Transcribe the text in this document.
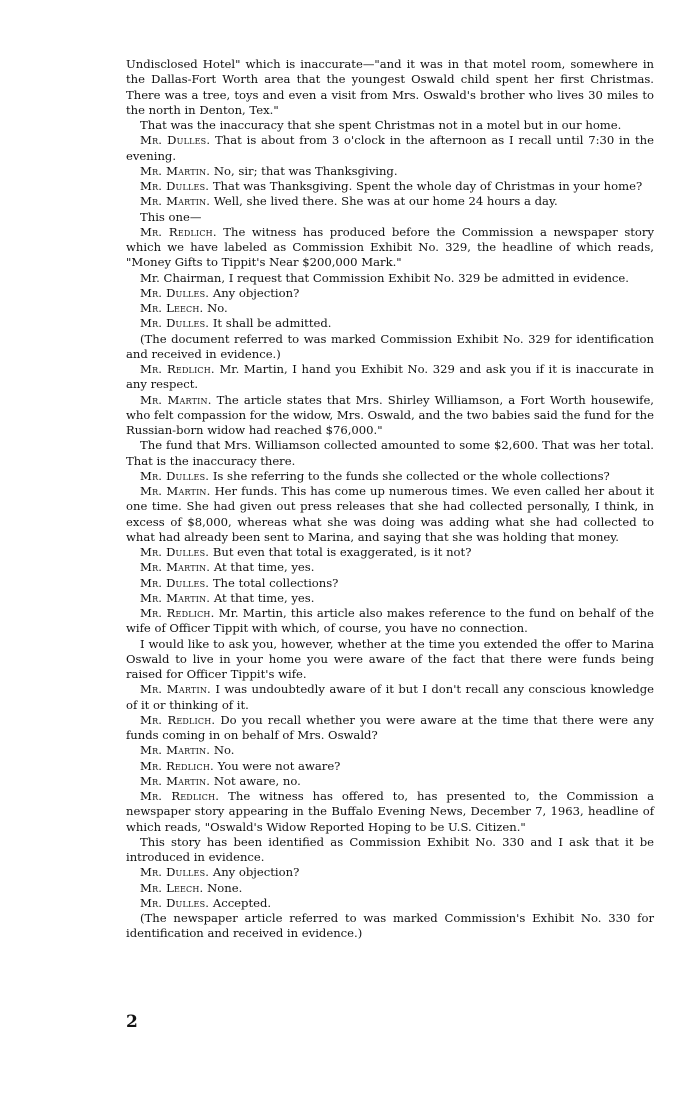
Undisclosed Hotel" which is inaccurate—"and it was in that motel room, somewhere in the Dallas-Fort Worth area that the youngest Oswald child spent her first Christmas. There was a tree, toys and even a visit from Mrs. Oswald's brother who lives 30 miles to the north in Denton, Tex."

That was the inaccuracy that she spent Christmas not in a motel but in our home.

Mr. Dulles. That is about from 3 o'clock in the afternoon as I recall until 7:30 in the evening.

Mr. Martin. No, sir; that was Thanksgiving.

Mr. Dulles. That was Thanksgiving. Spent the whole day of Christmas in your home?

Mr. Martin. Well, she lived there. She was at our home 24 hours a day.

This one—

Mr. Redlich. The witness has produced before the Commission a newspaper story which we have labeled as Commission Exhibit No. 329, the headline of which reads, "Money Gifts to Tippit's Near $200,000 Mark."

Mr. Chairman, I request that Commission Exhibit No. 329 be admitted in evidence.

Mr. Dulles. Any objection?

Mr. Leech. No.

Mr. Dulles. It shall be admitted.

(The document referred to was marked Commission Exhibit No. 329 for identification and received in evidence.)

Mr. Redlich. Mr. Martin, I hand you Exhibit No. 329 and ask you if it is inaccurate in any respect.

Mr. Martin. The article states that Mrs. Shirley Williamson, a Fort Worth housewife, who felt compassion for the widow, Mrs. Oswald, and the two babies said the fund for the Russian-born widow had reached $76,000."

The fund that Mrs. Williamson collected amounted to some $2,600. That was her total. That is the inaccuracy there.

Mr. Dulles. Is she referring to the funds she collected or the whole collections?

Mr. Martin. Her funds. This has come up numerous times. We even called her about it one time. She had given out press releases that she had collected personally, I think, in excess of $8,000, whereas what she was doing was adding what she had collected to what had already been sent to Marina, and saying that she was holding that money.

Mr. Dulles. But even that total is exaggerated, is it not?

Mr. Martin. At that time, yes.

Mr. Dulles. The total collections?

Mr. Martin. At that time, yes.

Mr. Redlich. Mr. Martin, this article also makes reference to the fund on behalf of the wife of Officer Tippit with which, of course, you have no connection.

I would like to ask you, however, whether at the time you extended the offer to Marina Oswald to live in your home you were aware of the fact that there were funds being raised for Officer Tippit's wife.

Mr. Martin. I was undoubtedly aware of it but I don't recall any conscious knowledge of it or thinking of it.

Mr. Redlich. Do you recall whether you were aware at the time that there were any funds coming in on behalf of Mrs. Oswald?

Mr. Martin. No.

Mr. Redlich. You were not aware?

Mr. Martin. Not aware, no.

Mr. Redlich. The witness has offered to, has presented to, the Commission a newspaper story appearing in the Buffalo Evening News, December 7, 1963, headline of which reads, "Oswald's Widow Reported Hoping to be U.S. Citizen."

This story has been identified as Commission Exhibit No. 330 and I ask that it be introduced in evidence.

Mr. Dulles. Any objection?

Mr. Leech. None.

Mr. Dulles. Accepted.

(The newspaper article referred to was marked Commission's Exhibit No. 330 for identification and received in evidence.)

2
